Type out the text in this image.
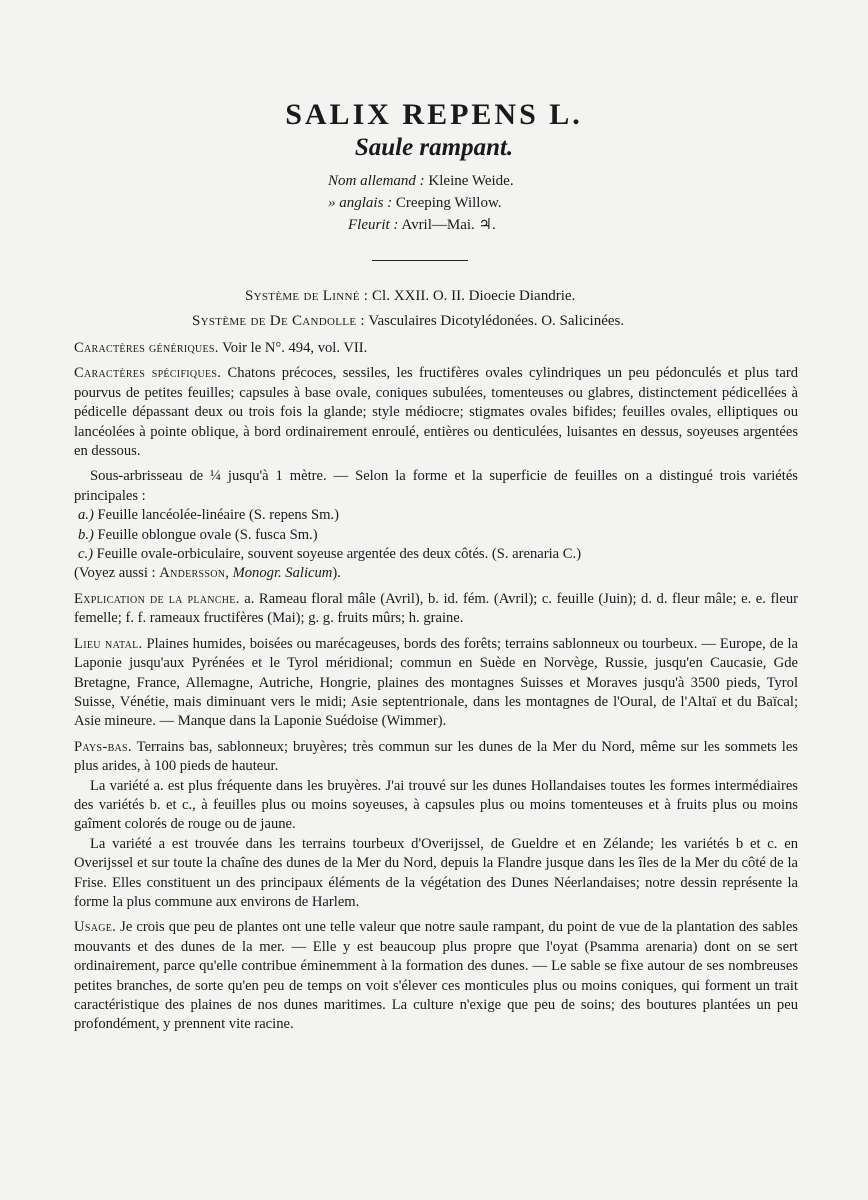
SALIX REPENS L.
Saule rampant.
Nom allemand : Kleine Weide.
» anglais : Creeping Willow.
Fleurit : Avril—Mai. ♃.
Système de Linné : Cl. XXII. O. II. Dioecie Diandrie.
Système de De Candolle : Vasculaires Dicotylédonées. O. Salicinées.

Caractères génériques. Voir le N°. 494, vol. VII.

Caractères spécifiques. Chatons précoces, sessiles, les fructifères ovales cylindriques un peu pédonculés et plus tard pourvus de petites feuilles; capsules à base ovale, coniques subulées, tomenteuses ou glabres, distinctement pédicellées à pédicelle dépassant deux ou trois fois la glande; style médiocre; stigmates ovales bifides; feuilles ovales, elliptiques ou lancéolées à pointe oblique, à bord ordinairement enroulé, entières ou denticulées, luisantes en dessus, soyeuses argentées en dessous.

Sous-arbrisseau de ¼ jusqu'à 1 mètre. — Selon la forme et la superficie de feuilles on a distingué trois variétés principales :

a.) Feuille lancéolée-linéaire (S. repens Sm.)
b.) Feuille oblongue ovale (S. fusca Sm.)
c.) Feuille ovale-orbiculaire, souvent soyeuse argentée des deux côtés. (S. arenaria C.)

(Voyez aussi : Andersson, Monogr. Salicum).

Explication de la planche. a. Rameau floral mâle (Avril), b. id. fém. (Avril); c. feuille (Juin); d. d. fleur mâle; e. e. fleur femelle; f. f. rameaux fructifères (Mai); g. g. fruits mûrs; h. graine.

Lieu natal. Plaines humides, boisées ou marécageuses, bords des forêts; terrains sablonneux ou tourbeux. — Europe, de la Laponie jusqu'aux Pyrénées et le Tyrol méridional; commun en Suède en Norvège, Russie, jusqu'en Caucasie, Gde Bretagne, France, Allemagne, Autriche, Hongrie, plaines des montagnes Suisses et Moraves jusqu'à 3500 pieds, Tyrol Suisse, Vénétie, mais diminuant vers le midi; Asie septentrionale, dans les montagnes de l'Oural, de l'Altaï et du Baïcal; Asie mineure. — Manque dans la Laponie Suédoise (Wimmer).

Pays-bas. Terrains bas, sablonneux; bruyères; très commun sur les dunes de la Mer du Nord, même sur les sommets les plus arides, à 100 pieds de hauteur.

La variété a. est plus fréquente dans les bruyères. J'ai trouvé sur les dunes Hollandaises toutes les formes intermédiaires des variétés b. et c., à feuilles plus ou moins soyeuses, à capsules plus ou moins tomenteuses et à fruits plus ou moins gaîment colorés de rouge ou de jaune.

La variété a est trouvée dans les terrains tourbeux d'Overijssel, de Gueldre et en Zélande; les variétés b et c. en Overijssel et sur toute la chaîne des dunes de la Mer du Nord, depuis la Flandre jusque dans les îles de la Mer du côté de la Frise. Elles constituent un des principaux éléments de la végétation des Dunes Néerlandaises; notre dessin représente la forme la plus commune aux environs de Harlem.

Usage. Je crois que peu de plantes ont une telle valeur que notre saule rampant, du point de vue de la plantation des sables mouvants et des dunes de la mer. — Elle y est beaucoup plus propre que l'oyat (Psamma arenaria) dont on se sert ordinairement, parce qu'elle contribue éminemment à la formation des dunes. — Le sable se fixe autour de ses nombreuses petites branches, de sorte qu'en peu de temps on voit s'élever ces monticules plus ou moins coniques, qui forment un trait caractéristique des plaines de nos dunes maritimes. La culture n'exige que peu de soins; des boutures plantées un peu profondément, y prennent vite racine.
